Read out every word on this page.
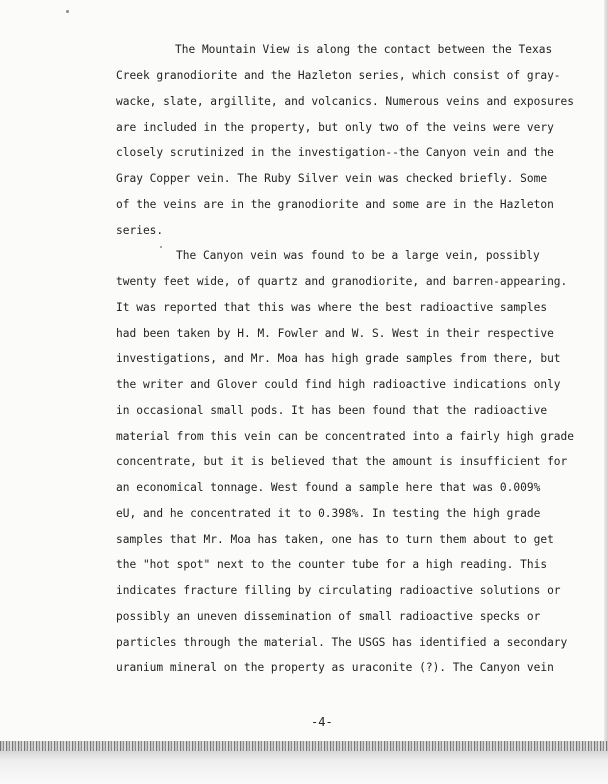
The Mountain View is along the contact between the Texas
Creek granodiorite and the Hazleton series, which consist of gray-
wacke, slate, argillite, and volcanics. Numerous veins and exposures
are included in the property, but only two of the veins were very
closely scrutinized in the investigation--the Canyon vein and the
Gray Copper vein. The Ruby Silver vein was checked briefly. Some
of the veins are in the granodiorite and some are in the Hazleton
series.
The Canyon vein was found to be a large vein, possibly
twenty feet wide, of quartz and granodiorite, and barren-appearing.
It was reported that this was where the best radioactive samples
had been taken by H. M. Fowler and W. S. West in their respective
investigations, and Mr. Moa has high grade samples from there, but
the writer and Glover could find high radioactive indications only
in occasional small pods. It has been found that the radioactive
material from this vein can be concentrated into a fairly high grade
concentrate, but it is believed that the amount is insufficient for
an economical tonnage. West found a sample here that was 0.009%
eU, and he concentrated it to 0.398%. In testing the high grade
samples that Mr. Moa has taken, one has to turn them about to get
the "hot spot" next to the counter tube for a high reading. This
indicates fracture filling by circulating radioactive solutions or
possibly an uneven dissemination of small radioactive specks or
particles through the material. The USGS has identified a secondary
uranium mineral on the property as uraconite (?). The Canyon vein
-4-
